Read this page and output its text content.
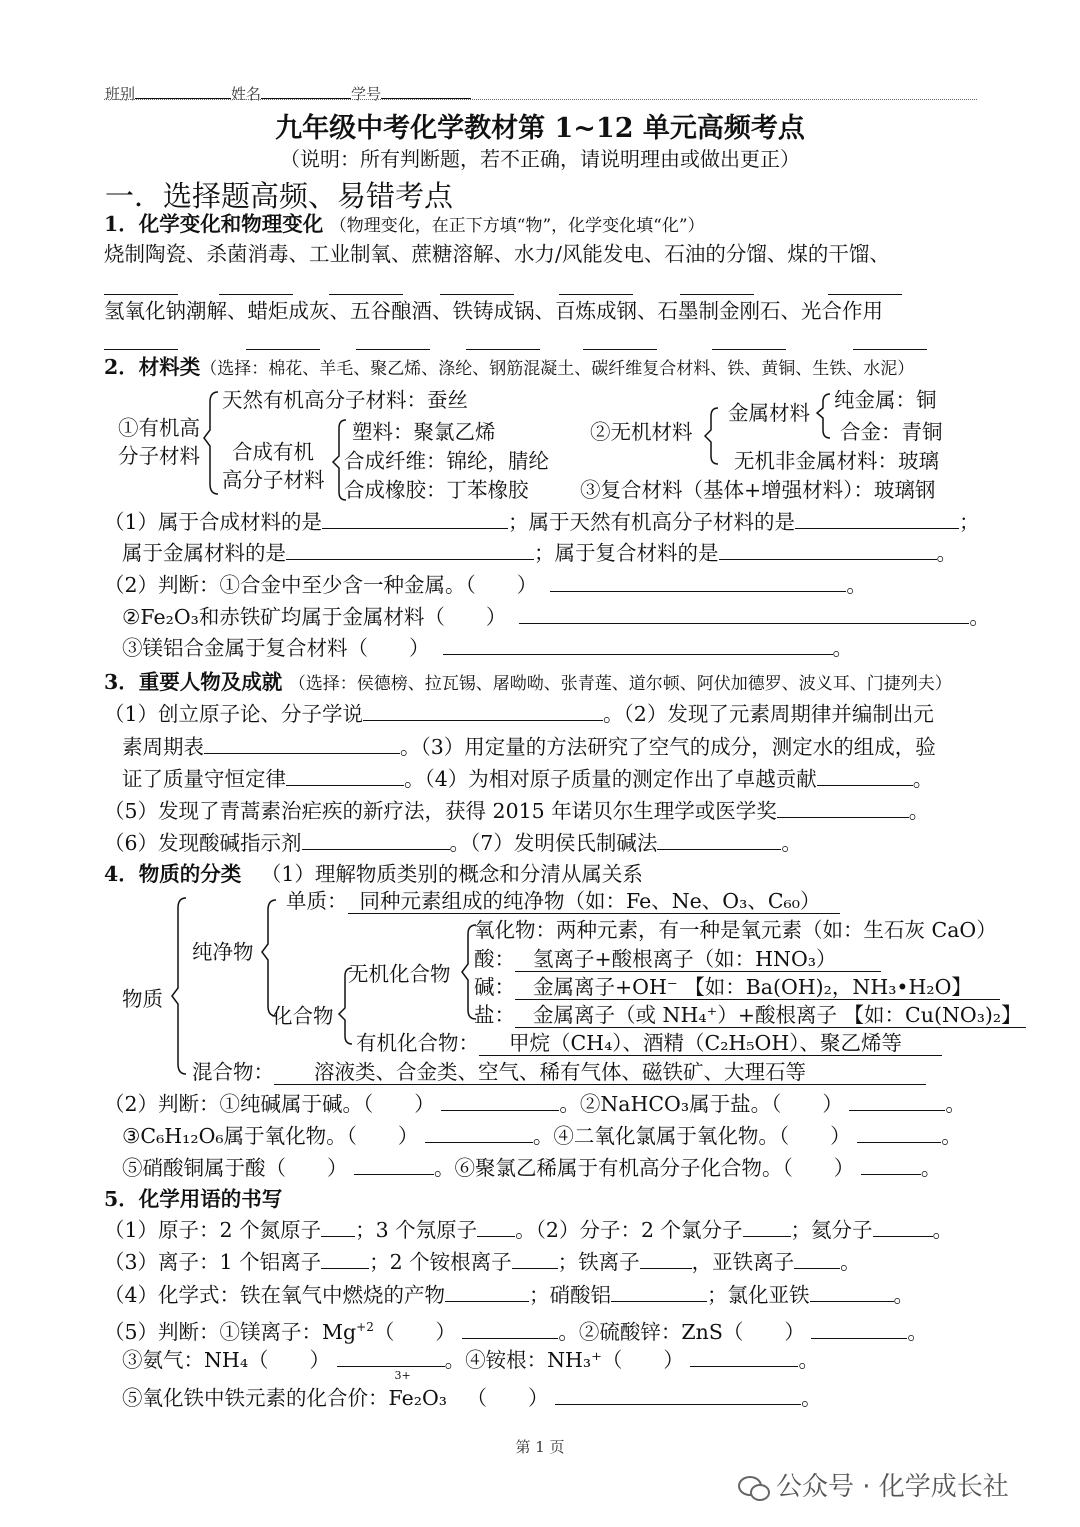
班别	姓名	学号
九年级中考化学教材第 1~12 单元高频考点
（说明：所有判断题，若不正确，请说明理由或做出更正）
一．选择题高频、易错考点
1．化学变化和物理变化 （物理变化，在正下方填“物”，化学变化填“化”）
烧制陶瓷、杀菌消毒、工业制氧、蔗糖溶解、水力/风能发电、石油的分馏、煤的干馏、
氢氧化钠潮解、蜡炬成灰、五谷酿酒、铁铸成锅、百炼成钢、石墨制金刚石、光合作用
2．材料类（选择：棉花、羊毛、聚乙烯、涤纶、钢筋混凝土、碳纤维复合材料、铁、黄铜、生铁、水泥）
天然有机高分子材料：蚕丝
①有机高
分子材料 合成有机
高分子材料
塑料：聚氯乙烯
合成纤维：锦纶，腈纶
合成橡胶：丁苯橡胶
②无机材料
金属材料
纯金属：铜
合金：青铜
无机非金属材料：玻璃
③复合材料（基体+增强材料）：玻璃钢
（1）属于合成材料的是	；属于天然有机高分子材料的是	；
属于金属材料的是	；属于复合材料的是	。
（2）判断：①合金中至少含一种金属。（　　）	。
②Fe₂O₃和赤铁矿均属于金属材料（　　）	。
③镁铝合金属于复合材料（　　）	。
3．重要人物及成就 （选择：侯德榜、拉瓦锡、屠呦呦、张青莲、道尔顿、阿伏加德罗、波义耳、门捷列夫）
（1）创立原子论、分子学说	。（2）发现了元素周期律并编制出元
素周期表	。（3）用定量的方法研究了空气的成分，测定水的组成，验
证了质量守恒定律	。（4）为相对原子质量的测定作出了卓越贡献	。
（5）发现了青蒿素治疟疾的新疗法，获得 2015 年诺贝尔生理学或医学奖	。
（6）发现酸碱指示剂	。（7）发明侯氏制碱法	。
4．物质的分类 （1）理解物质类别的概念和分清从属关系
单质： 同种元素组成的纯净物（如：Fe、Ne、O₃、C₆₀）
纯净物
氧化物：两种元素，有一种是氧元素（如：生石灰 CaO）
酸： 氢离子+酸根离子（如：HNO₃）
无机化合物
碱： 金属离子+OH⁻ 【如：Ba(OH)₂，NH₃•H₂O】
物质
化合物	盐： 金属离子（或 NH₄⁺）+酸根离子 【如：Cu(NO₃)₂】
有机化合物： 甲烷（CH₄）、酒精（C₂H₅OH）、聚乙烯等
混合物： 溶液类、合金类、空气、稀有气体、磁铁矿、大理石等
（2）判断：①纯碱属于碱。（　　）	。②NaHCO₃属于盐。（　　）	。
③C₆H₁₂O₆属于氧化物。（　　）	。④二氧化氯属于氧化物。（　　）	。
⑤硝酸铜属于酸（　　）	。⑥聚氯乙稀属于有机高分子化合物。（　　）	。
5．化学用语的书写
（1）原子：2 个氮原子 ；3 个氖原子 。（2）分子：2 个氯分子 ；氦分子	。
（3）离子：1 个铝离子 ；2 个铵根离子 ；铁离子	，亚铁离子 。
（4）化学式：铁在氧气中燃烧的产物	；硝酸铝	；氯化亚铁	。
（5）判断：①镁离子：$Mg^{+2}$（　　）	。②硫酸锌：ZnS（　　）	。
③氨气：NH₄（　　）	。④铵根：NH₃⁺（　　）	。
⑤氧化铁中铁元素的化合价：
3+
Fe₂O₃ （　　）	。
第 1 页
公众号 · 化学成长社
